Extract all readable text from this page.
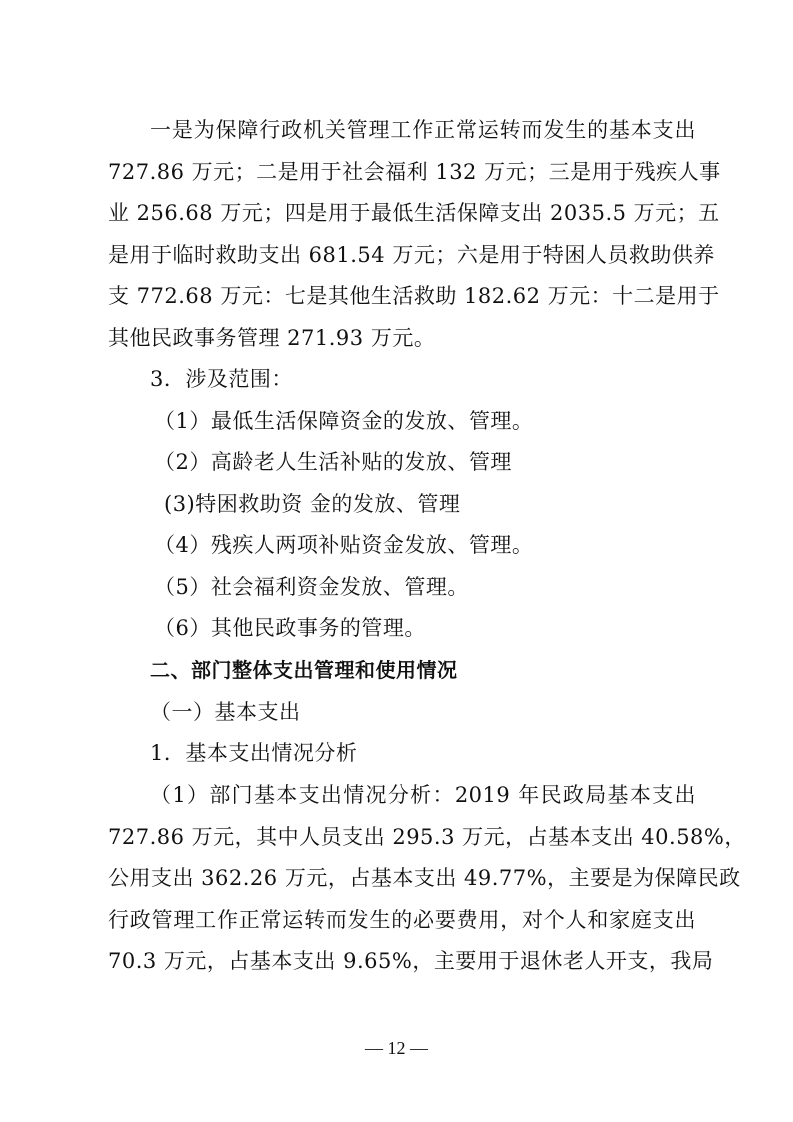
一是为保障行政机关管理工作正常运转而发生的基本支出
727.86 万元；二是用于社会福利 132 万元；三是用于残疾人事
业 256.68 万元；四是用于最低生活保障支出 2035.5 万元；五
是用于临时救助支出 681.54 万元；六是用于特困人员救助供养
支 772.68 万元：七是其他生活救助 182.62 万元：十二是用于
其他民政事务管理 271.93 万元。
3．涉及范围：
（1）最低生活保障资金的发放、管理。
（2）高龄老人生活补贴的发放、管理
(3)特困救助资 金的发放、管理
（4）残疾人两项补贴资金发放、管理。
（5）社会福利资金发放、管理。
（6）其他民政事务的管理。
二、部门整体支出管理和使用情况
（一）基本支出
1．基本支出情况分析
（1）部门基本支出情况分析：2019 年民政局基本支出
727.86 万元，其中人员支出 295.3 万元，占基本支出 40.58%，
公用支出 362.26 万元，占基本支出 49.77%，主要是为保障民政
行政管理工作正常运转而发生的必要费用，对个人和家庭支出
70.3 万元，占基本支出 9.65%，主要用于退休老人开支，我局
— 12 —
